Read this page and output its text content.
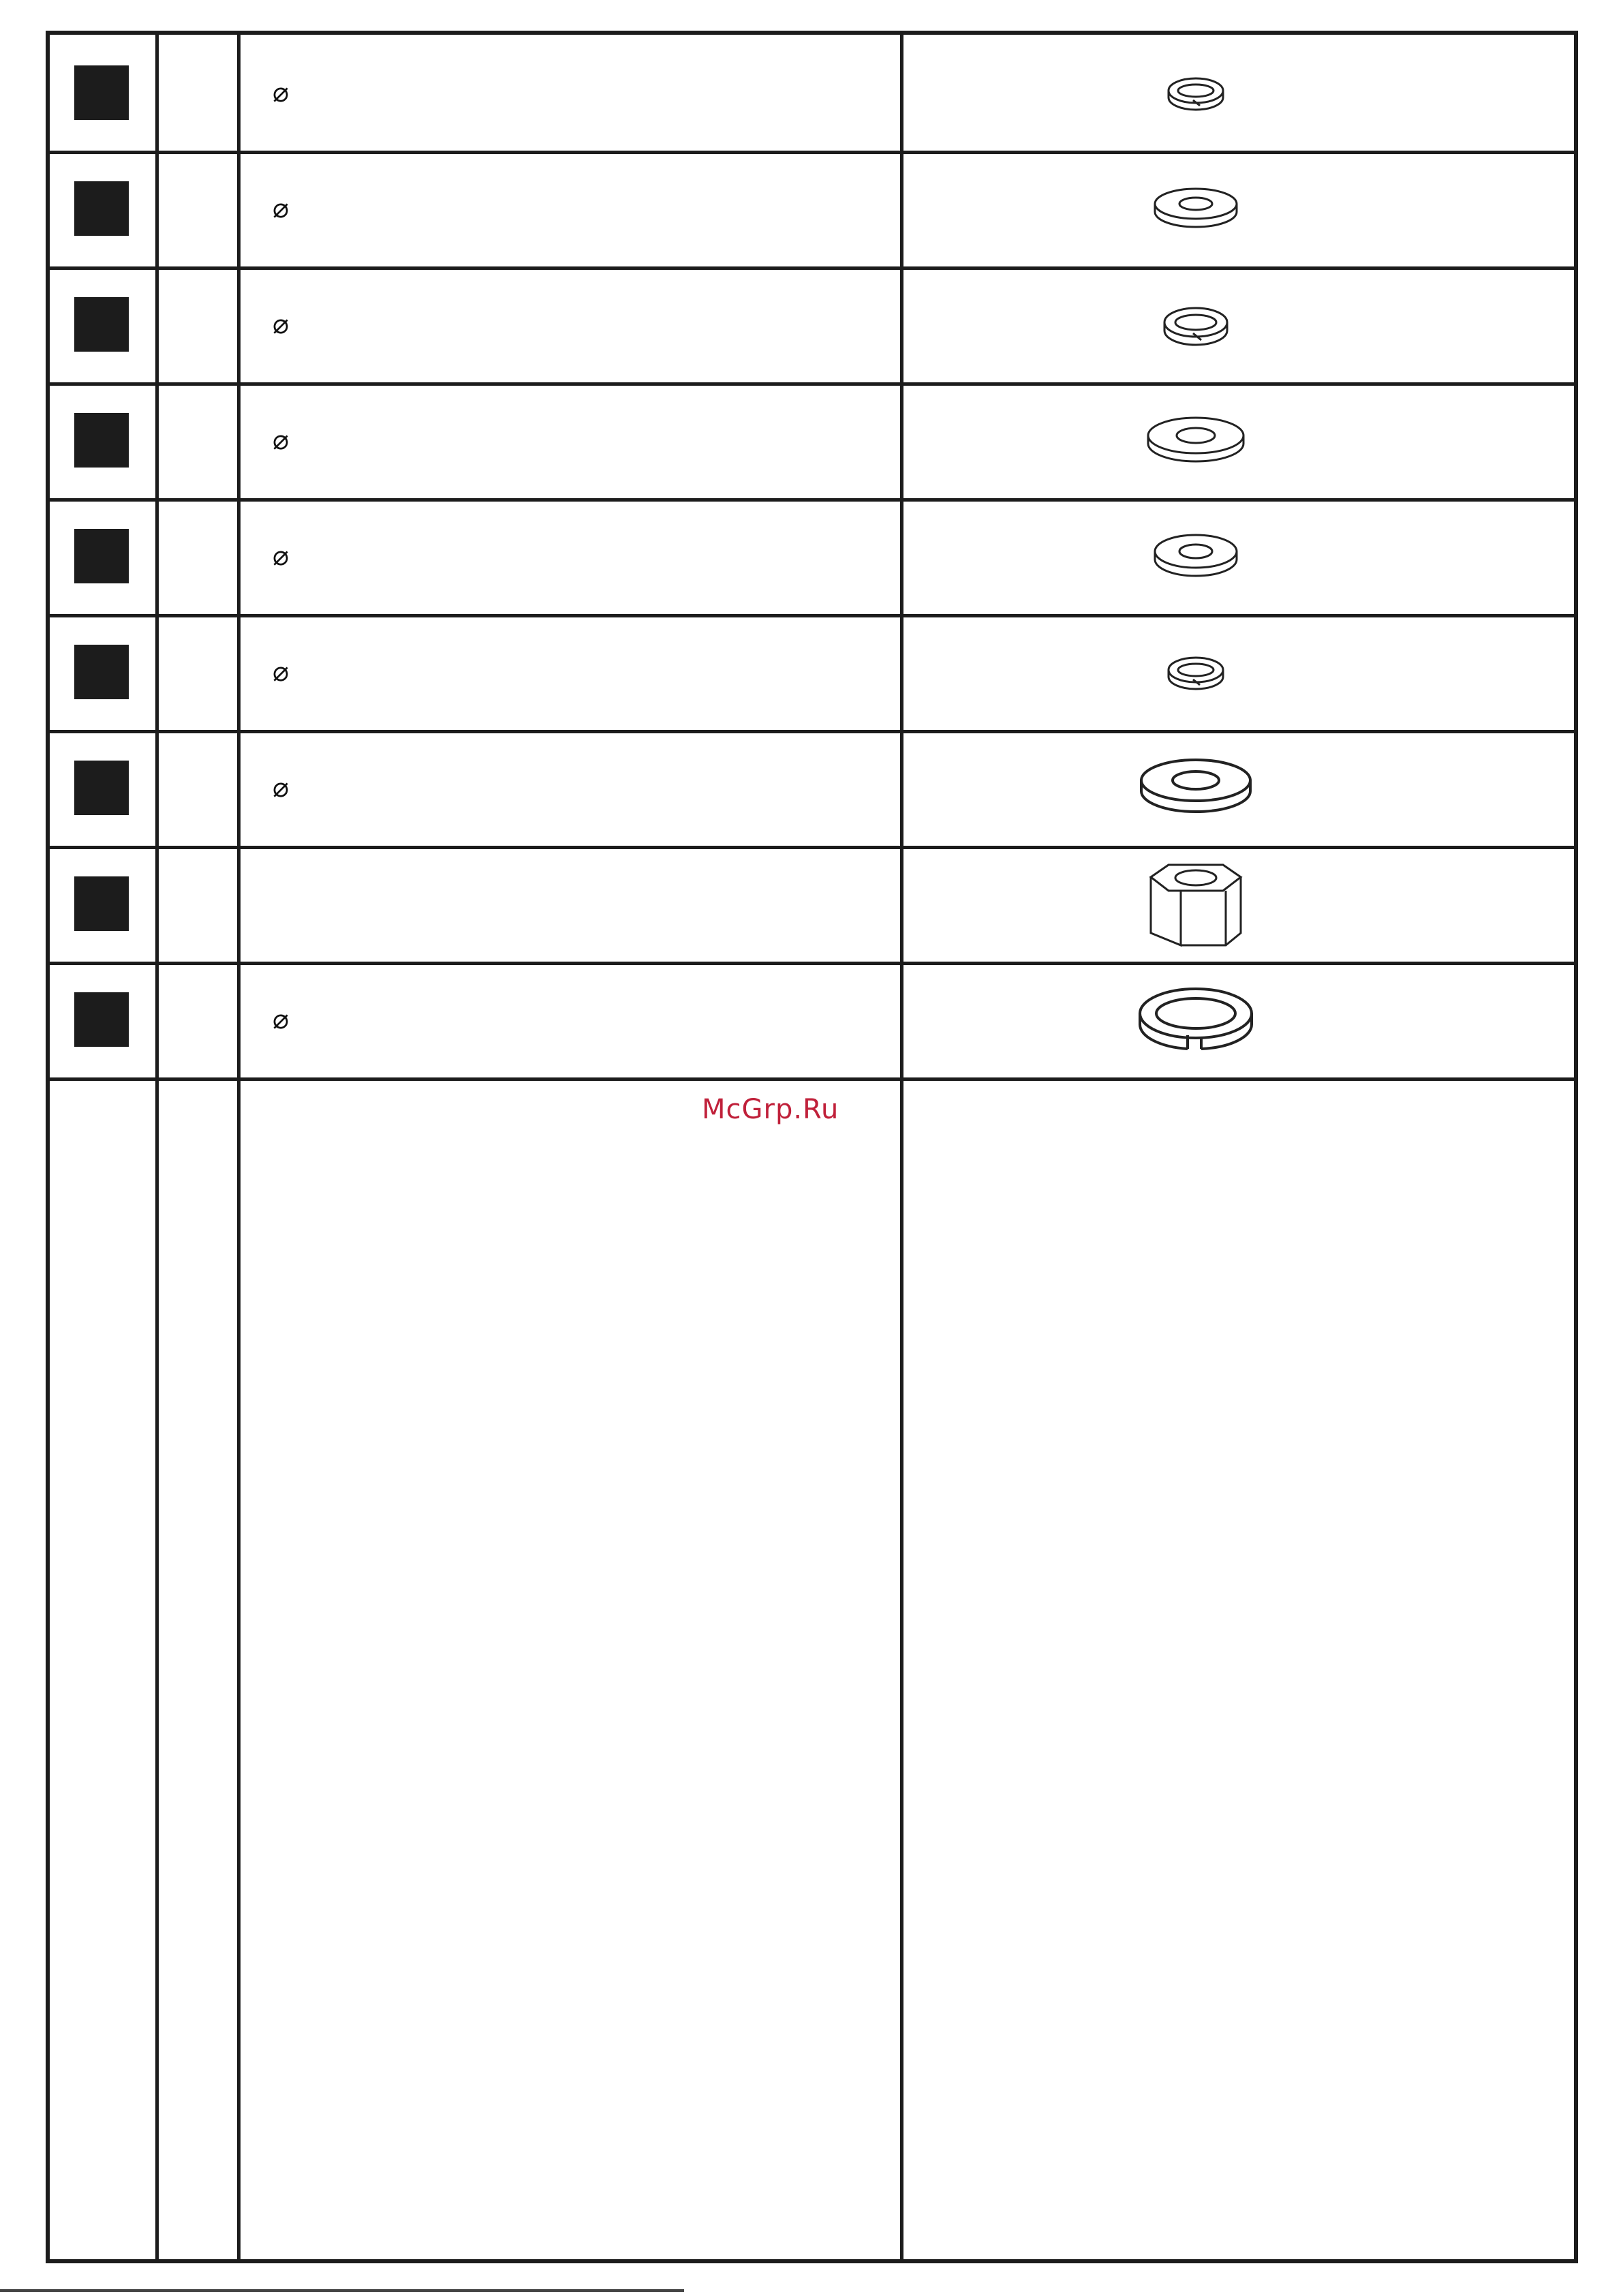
⌀
⌀
⌀
⌀
⌀
⌀
⌀
⌀
McGrp.Ru
